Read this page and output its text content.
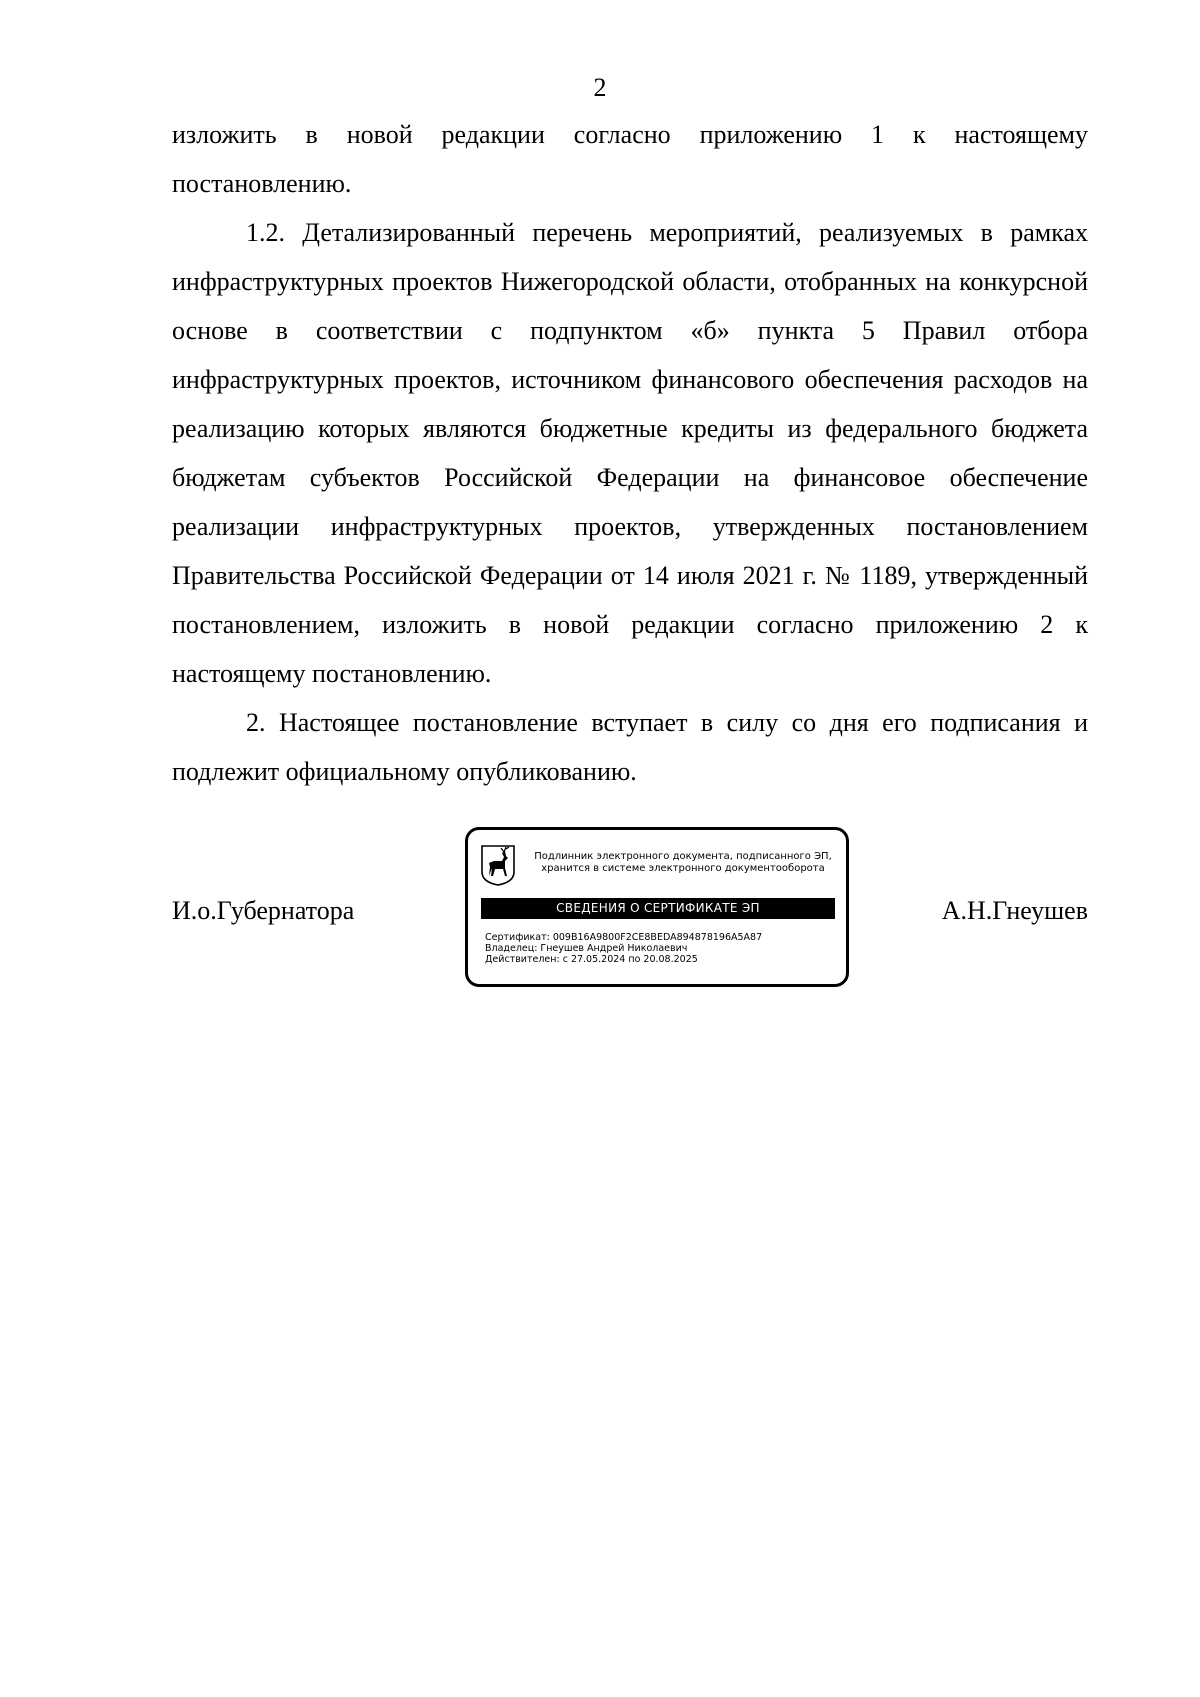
2

изложить в новой редакции согласно приложению 1 к настоящему постановлению.

1.2. Детализированный перечень мероприятий, реализуемых в рамках инфраструктурных проектов Нижегородской области, отобранных на конкурсной основе в соответствии с подпунктом «б» пункта 5 Правил отбора инфраструктурных проектов, источником финансового обеспечения расходов на реализацию которых являются бюджетные кредиты из федерального бюджета бюджетам субъектов Российской Федерации на финансовое обеспечение реализации инфраструктурных проектов, утвержденных постановлением Правительства Российской Федерации от 14 июля 2021 г. № 1189, утвержденный постановлением, изложить в новой редакции согласно приложению 2 к настоящему постановлению.

2. Настоящее постановление вступает в силу со дня его подписания и подлежит официальному опубликованию.

И.о.Губернатора
Подлинник электронного документа, подписанного ЭП,
хранится в системе электронного документооборота
СВЕДЕНИЯ О СЕРТИФИКАТЕ ЭП
Сертификат: 009B16A9800F2CE8BEDA894878196A5A87
Владелец: Гнеушев Андрей Николаевич
Действителен: с 27.05.2024 по 20.08.2025
А.Н.Гнеушев
